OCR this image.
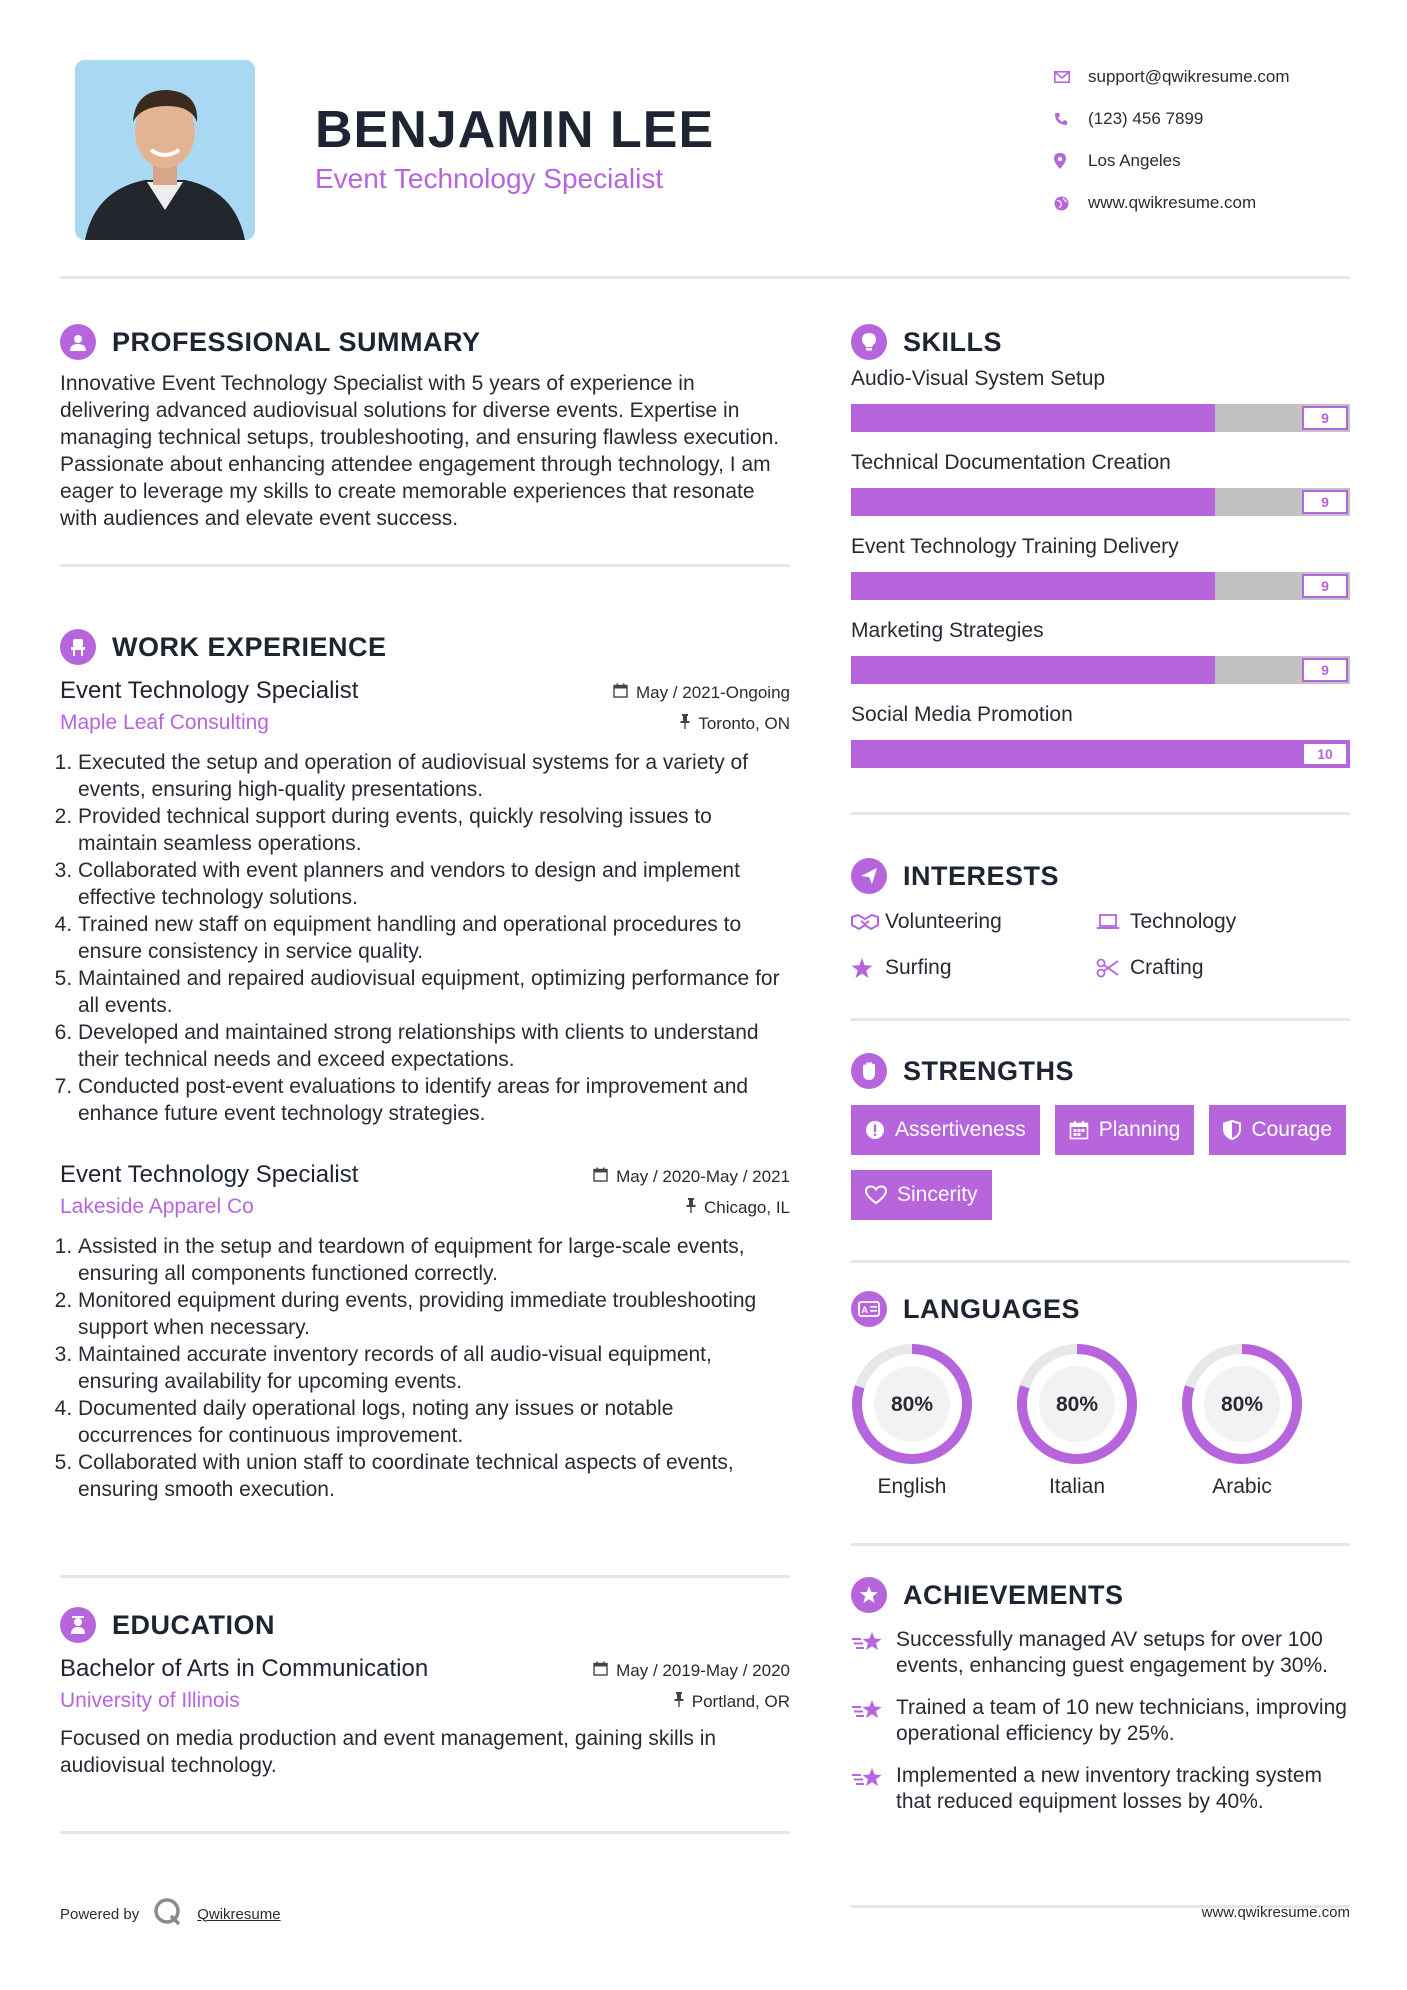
BENJAMIN LEE
Event Technology Specialist
support@qwikresume.com
(123) 456 7899
Los Angeles
www.qwikresume.com
PROFESSIONAL SUMMARY

Innovative Event Technology Specialist with 5 years of experience in delivering advanced audiovisual solutions for diverse events. Expertise in managing technical setups, troubleshooting, and ensuring flawless execution. Passionate about enhancing attendee engagement through technology, I am eager to leverage my skills to create memorable experiences that resonate with audiences and elevate event success.

WORK EXPERIENCE
Event Technology Specialist	May / 2021-Ongoing
Maple Leaf Consulting	Toronto, ON
1. Executed the setup and operation of audiovisual systems for a variety of events, ensuring high-quality presentations.
2. Provided technical support during events, quickly resolving issues to maintain seamless operations.
3. Collaborated with event planners and vendors to design and implement effective technology solutions.
4. Trained new staff on equipment handling and operational procedures to ensure consistency in service quality.
5. Maintained and repaired audiovisual equipment, optimizing performance for all events.
6. Developed and maintained strong relationships with clients to understand their technical needs and exceed expectations.
7. Conducted post-event evaluations to identify areas for improvement and enhance future event technology strategies.
Event Technology Specialist	May / 2020-May / 2021
Lakeside Apparel Co	Chicago, IL
1. Assisted in the setup and teardown of equipment for large-scale events, ensuring all components functioned correctly.
2. Monitored equipment during events, providing immediate troubleshooting support when necessary.
3. Maintained accurate inventory records of all audio-visual equipment, ensuring availability for upcoming events.
4. Documented daily operational logs, noting any issues or notable occurrences for continuous improvement.
5. Collaborated with union staff to coordinate technical aspects of events, ensuring smooth execution.
EDUCATION
Bachelor of Arts in Communication	May / 2019-May / 2020
University of Illinois	Portland, OR

Focused on media production and event management, gaining skills in audiovisual technology.

SKILLS
Audio-Visual System Setup
9
Technical Documentation Creation
9
Event Technology Training Delivery
9
Marketing Strategies
9
Social Media Promotion
10
INTERESTS
Volunteering	Technology
Surfing	Crafting
STRENGTHS
Assertiveness	Planning	Courage
Sincerity
A LANGUAGES
80%
English
80%
Italian
80%
Arabic
ACHIEVEMENTS
Successfully managed AV setups for over 100 events, enhancing guest engagement by 30%.
Trained a team of 10 new technicians, improving operational efficiency by 25%.
Implemented a new inventory tracking system that reduced equipment losses by 40%.
Powered by	Qwikresume	www.qwikresume.com
